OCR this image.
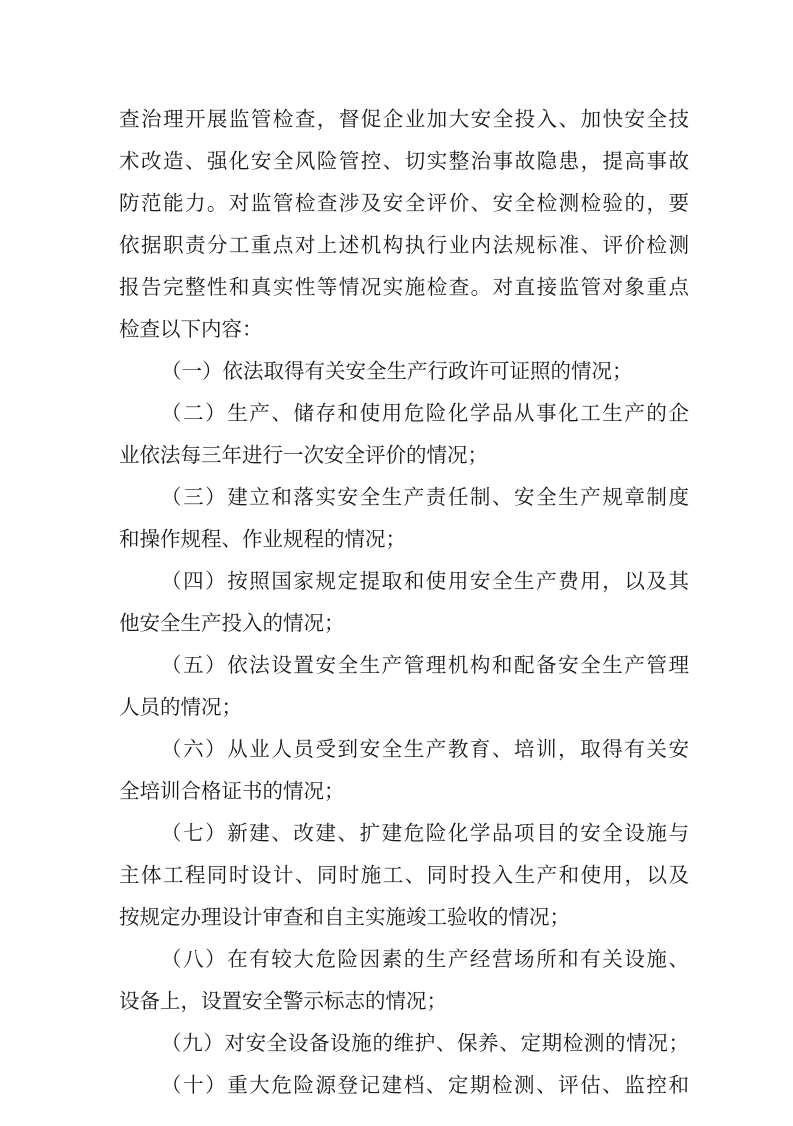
查治理开展监管检查，督促企业加大安全投入、加快安全技
术改造、强化安全风险管控、切实整治事故隐患，提高事故
防范能力。对监管检查涉及安全评价、安全检测检验的，要
依据职责分工重点对上述机构执行业内法规标准、评价检测
报告完整性和真实性等情况实施检查。对直接监管对象重点
检查以下内容：
（一）依法取得有关安全生产行政许可证照的情况；
（二）生产、储存和使用危险化学品从事化工生产的企
业依法每三年进行一次安全评价的情况；
（三）建立和落实安全生产责任制、安全生产规章制度
和操作规程、作业规程的情况；
（四）按照国家规定提取和使用安全生产费用，以及其
他安全生产投入的情况；
（五）依法设置安全生产管理机构和配备安全生产管理
人员的情况；
（六）从业人员受到安全生产教育、培训，取得有关安
全培训合格证书的情况；
（七）新建、改建、扩建危险化学品项目的安全设施与
主体工程同时设计、同时施工、同时投入生产和使用，以及
按规定办理设计审查和自主实施竣工验收的情况；
（八）在有较大危险因素的生产经营场所和有关设施、
设备上，设置安全警示标志的情况；
（九）对安全设备设施的维护、保养、定期检测的情况；
（十）重大危险源登记建档、定期检测、评估、监控和
